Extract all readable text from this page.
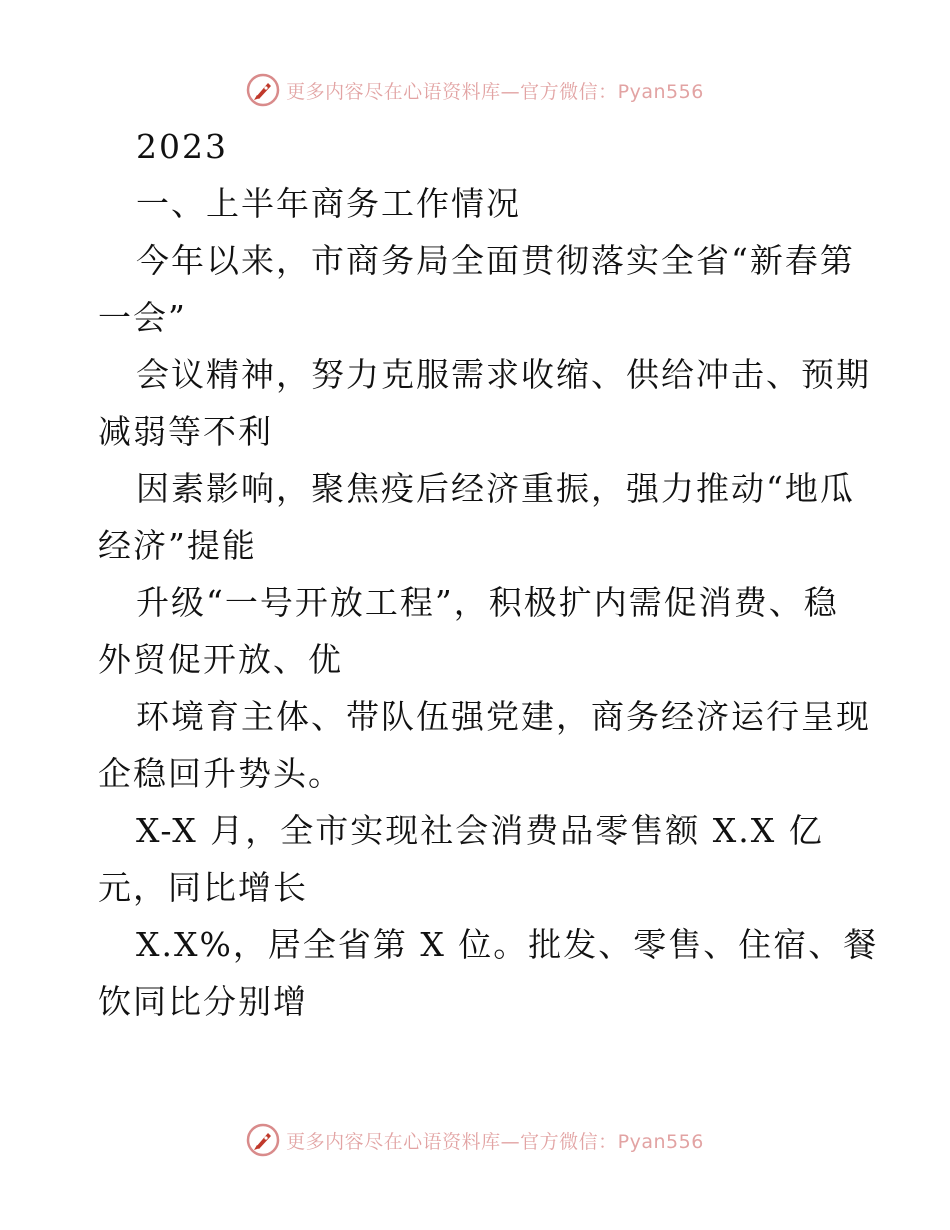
更多内容尽在心语资料库—官方微信：Pyan556
2023
一、上半年商务工作情况
今年以来，市商务局全面贯彻落实全省“新春第
一会”
会议精神，努力克服需求收缩、供给冲击、预期
减弱等不利
因素影响，聚焦疫后经济重振，强力推动“地瓜
经济”提能
升级“一号开放工程”，积极扩内需促消费、稳
外贸促开放、优
环境育主体、带队伍强党建，商务经济运行呈现
企稳回升势头。
X-X 月，全市实现社会消费品零售额 X.X 亿
元，同比增长
X.X%，居全省第 X 位。批发、零售、住宿、餐
饮同比分别增
更多内容尽在心语资料库—官方微信：Pyan556
